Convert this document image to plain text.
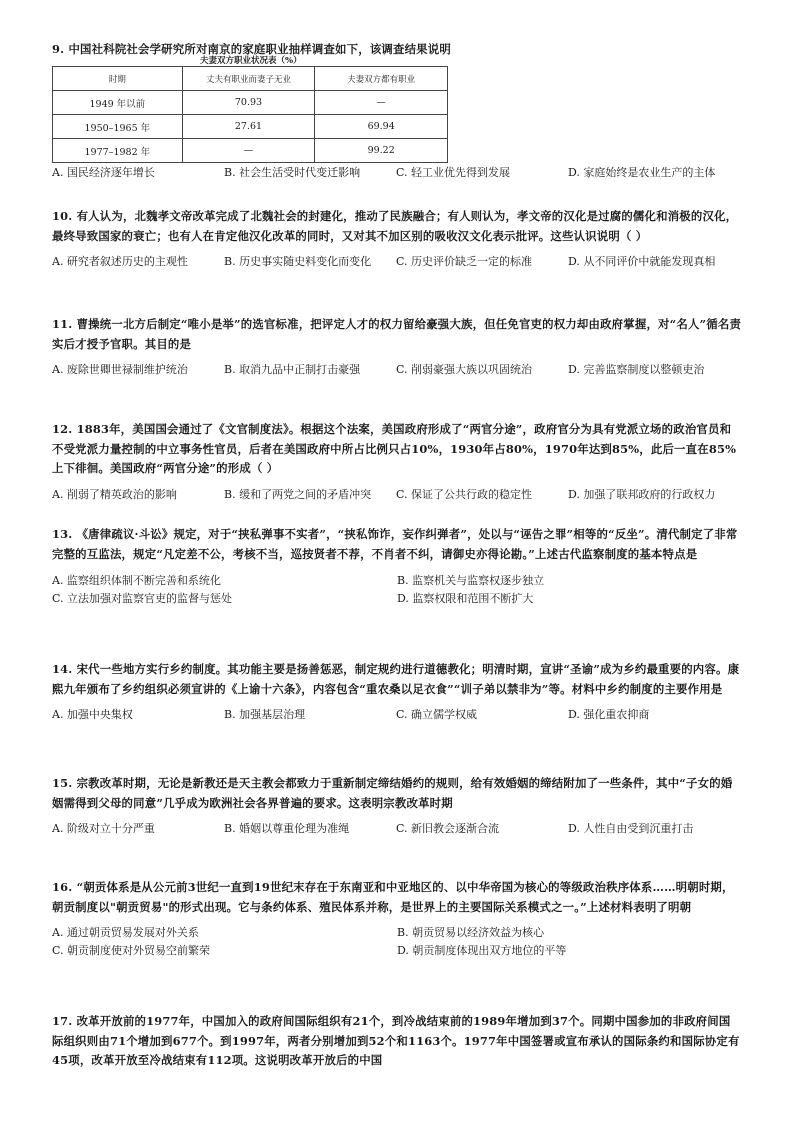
9. 中国社科院社会学研究所对南京的家庭职业抽样调查如下，该调查结果说明
夫妻双方职业状况表（%）
时期	丈夫有职业而妻子无业	夫妻双方都有职业
1949 年以前	70.93	—
1950–1965 年	27.61	69.94
1977–1982 年	—	99.22
A. 国民经济逐年增长	B. 社会生活受时代变迁影响	C. 轻工业优先得到发展	D. 家庭始终是农业生产的主体
10. 有人认为，北魏孝文帝改革完成了北魏社会的封建化，推动了民族融合；有人则认为，孝文帝的汉化是过腐的儒化和消极的汉化，最终导致国家的衰亡；也有人在肯定他汉化改革的同时，又对其不加区别的吸收汉文化表示批评。这些认识说明（ ）
A. 研究者叙述历史的主观性	B. 历史事实随史料变化而变化	C. 历史评价缺乏一定的标准	D. 从不同评价中就能发现真相
11. 曹操统一北方后制定“唯小是举”的选官标准，把评定人才的权力留给豪强大族，但任免官吏的权力却由政府掌握，对“名人”循名责实后才授予官职。其目的是
A. 废除世卿世禄制维护统治	B. 取消九品中正制打击豪强	C. 削弱豪强大族以巩固统治	D. 完善监察制度以整顿吏治
12. 1883年，美国国会通过了《文官制度法》。根据这个法案，美国政府形成了“两官分途”，政府官分为具有党派立场的政治官员和不受党派力量控制的中立事务性官员，后者在美国政府中所占比例只占10%，1930年占80%，1970年达到85%，此后一直在85%上下徘徊。美国政府“两官分途”的形成（ ）
A. 削弱了精英政治的影响	B. 缓和了两党之间的矛盾冲突	C. 保证了公共行政的稳定性	D. 加强了联邦政府的行政权力
13. 《唐律疏议·斗讼》规定，对于“挟私弹事不实者”，“挟私饰诈，妄作纠弹者”，处以与“诬告之罪”相等的“反坐”。清代制定了非常完整的互监法，规定“凡定差不公，考核不当，巡按贤者不荐，不肖者不纠，请御史亦得论勘。”上述古代监察制度的基本特点是
A. 监察组织体制不断完善和系统化	B. 监察机关与监察权逐步独立
C. 立法加强对监察官吏的监督与惩处	D. 监察权限和范围不断扩大
14. 宋代一些地方实行乡约制度。其功能主要是扬善惩恶，制定规约进行道德教化；明清时期，宣讲“圣谕”成为乡约最重要的内容。康熙九年颁布了乡约组织必须宣讲的《上谕十六条》，内容包含“重农桑以足衣食”“训子弟以禁非为”等。材料中乡约制度的主要作用是
A. 加强中央集权	B. 加强基层治理	C. 确立儒学权威	D. 强化重农抑商
15. 宗教改革时期，无论是新教还是天主教会都致力于重新制定缔结婚约的规则，给有效婚姻的缔结附加了一些条件，其中“子女的婚姻需得到父母的同意”几乎成为欧洲社会各界普遍的要求。这表明宗教改革时期
A. 阶级对立十分严重	B. 婚姻以尊重伦理为准绳	C. 新旧教会逐渐合流	D. 人性自由受到沉重打击
16. “朝贡体系是从公元前3世纪一直到19世纪末存在于东南亚和中亚地区的、以中华帝国为核心的等级政治秩序体系……明朝时期，朝贡制度以"朝贡贸易"的形式出现。它与条约体系、殖民体系并称，是世界上的主要国际关系模式之一。”上述材料表明了明朝
A. 通过朝贡贸易发展对外关系	B. 朝贡贸易以经济效益为核心
C. 朝贡制度使对外贸易空前繁荣	D. 朝贡制度体现出双方地位的平等
17. 改革开放前的1977年，中国加入的政府间国际组织有21个，到冷战结束前的1989年增加到37个。同期中国参加的非政府间国际组织则由71个增加到677个。到1997年，两者分别增加到52个和1163个。1977年中国签署或宣布承认的国际条约和国际协定有45项，改革开放至冷战结束有112项。这说明改革开放后的中国
